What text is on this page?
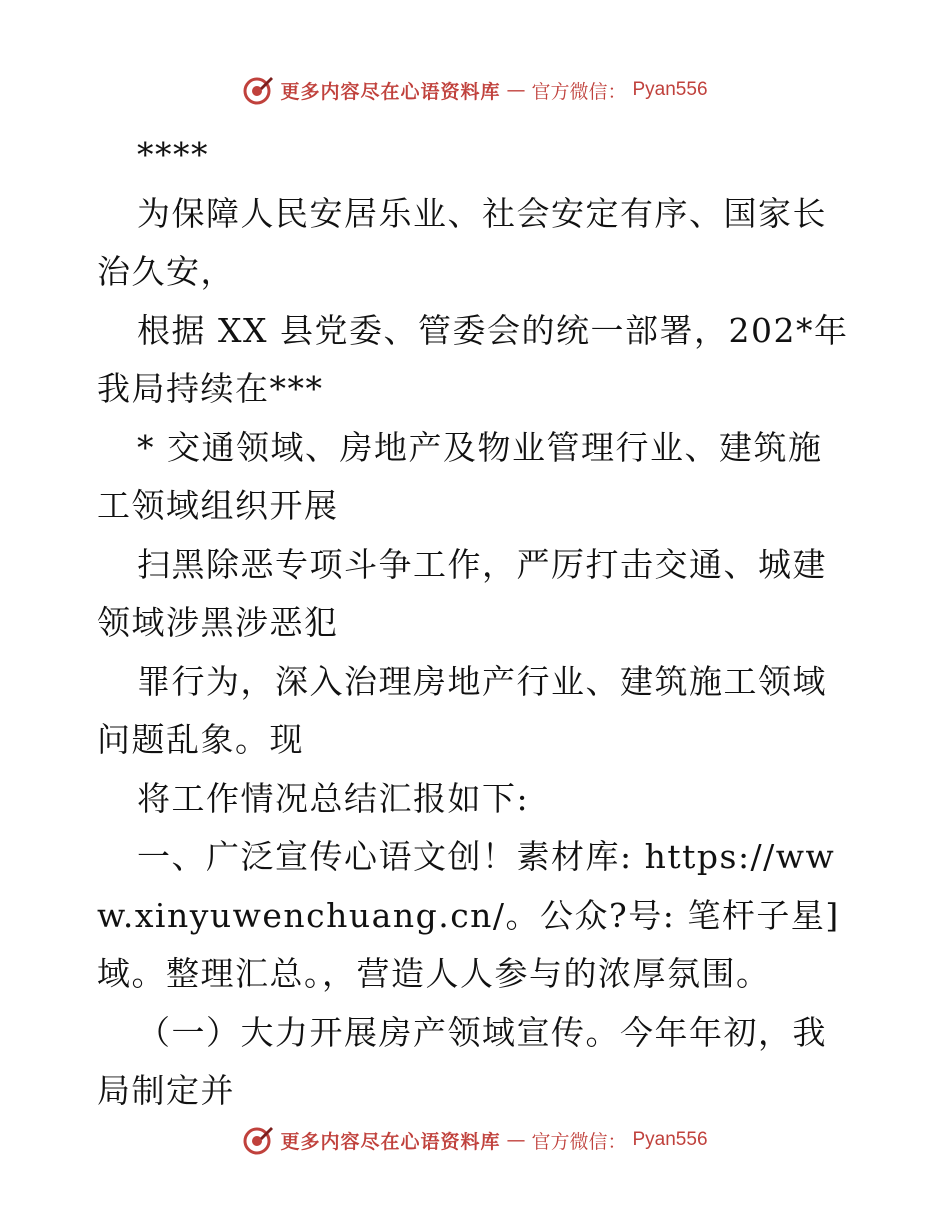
更多内容尽在心语资料库 — 官方微信： Pyan556

****

为保障人民安居乐业、社会安定有序、国家长治久安，

根据 XX 县党委、管委会的统一部署，202*年我局持续在***

* 交通领域、房地产及物业管理行业、建筑施工领域组织开展

扫黑除恶专项斗争工作，严厉打击交通、城建领域涉黑涉恶犯

罪行为，深入治理房地产行业、建筑施工领域问题乱象。现

将工作情况总结汇报如下:

一、广泛宣传心语文创！素材库: https://www.xinyuwenchuang.cn/。公众?号: 笔杆子星]域。整理汇总。，营造人人参与的浓厚氛围。

（一）大力开展房产领域宣传。今年年初，我局制定并

更多内容尽在心语资料库 — 官方微信： Pyan556
